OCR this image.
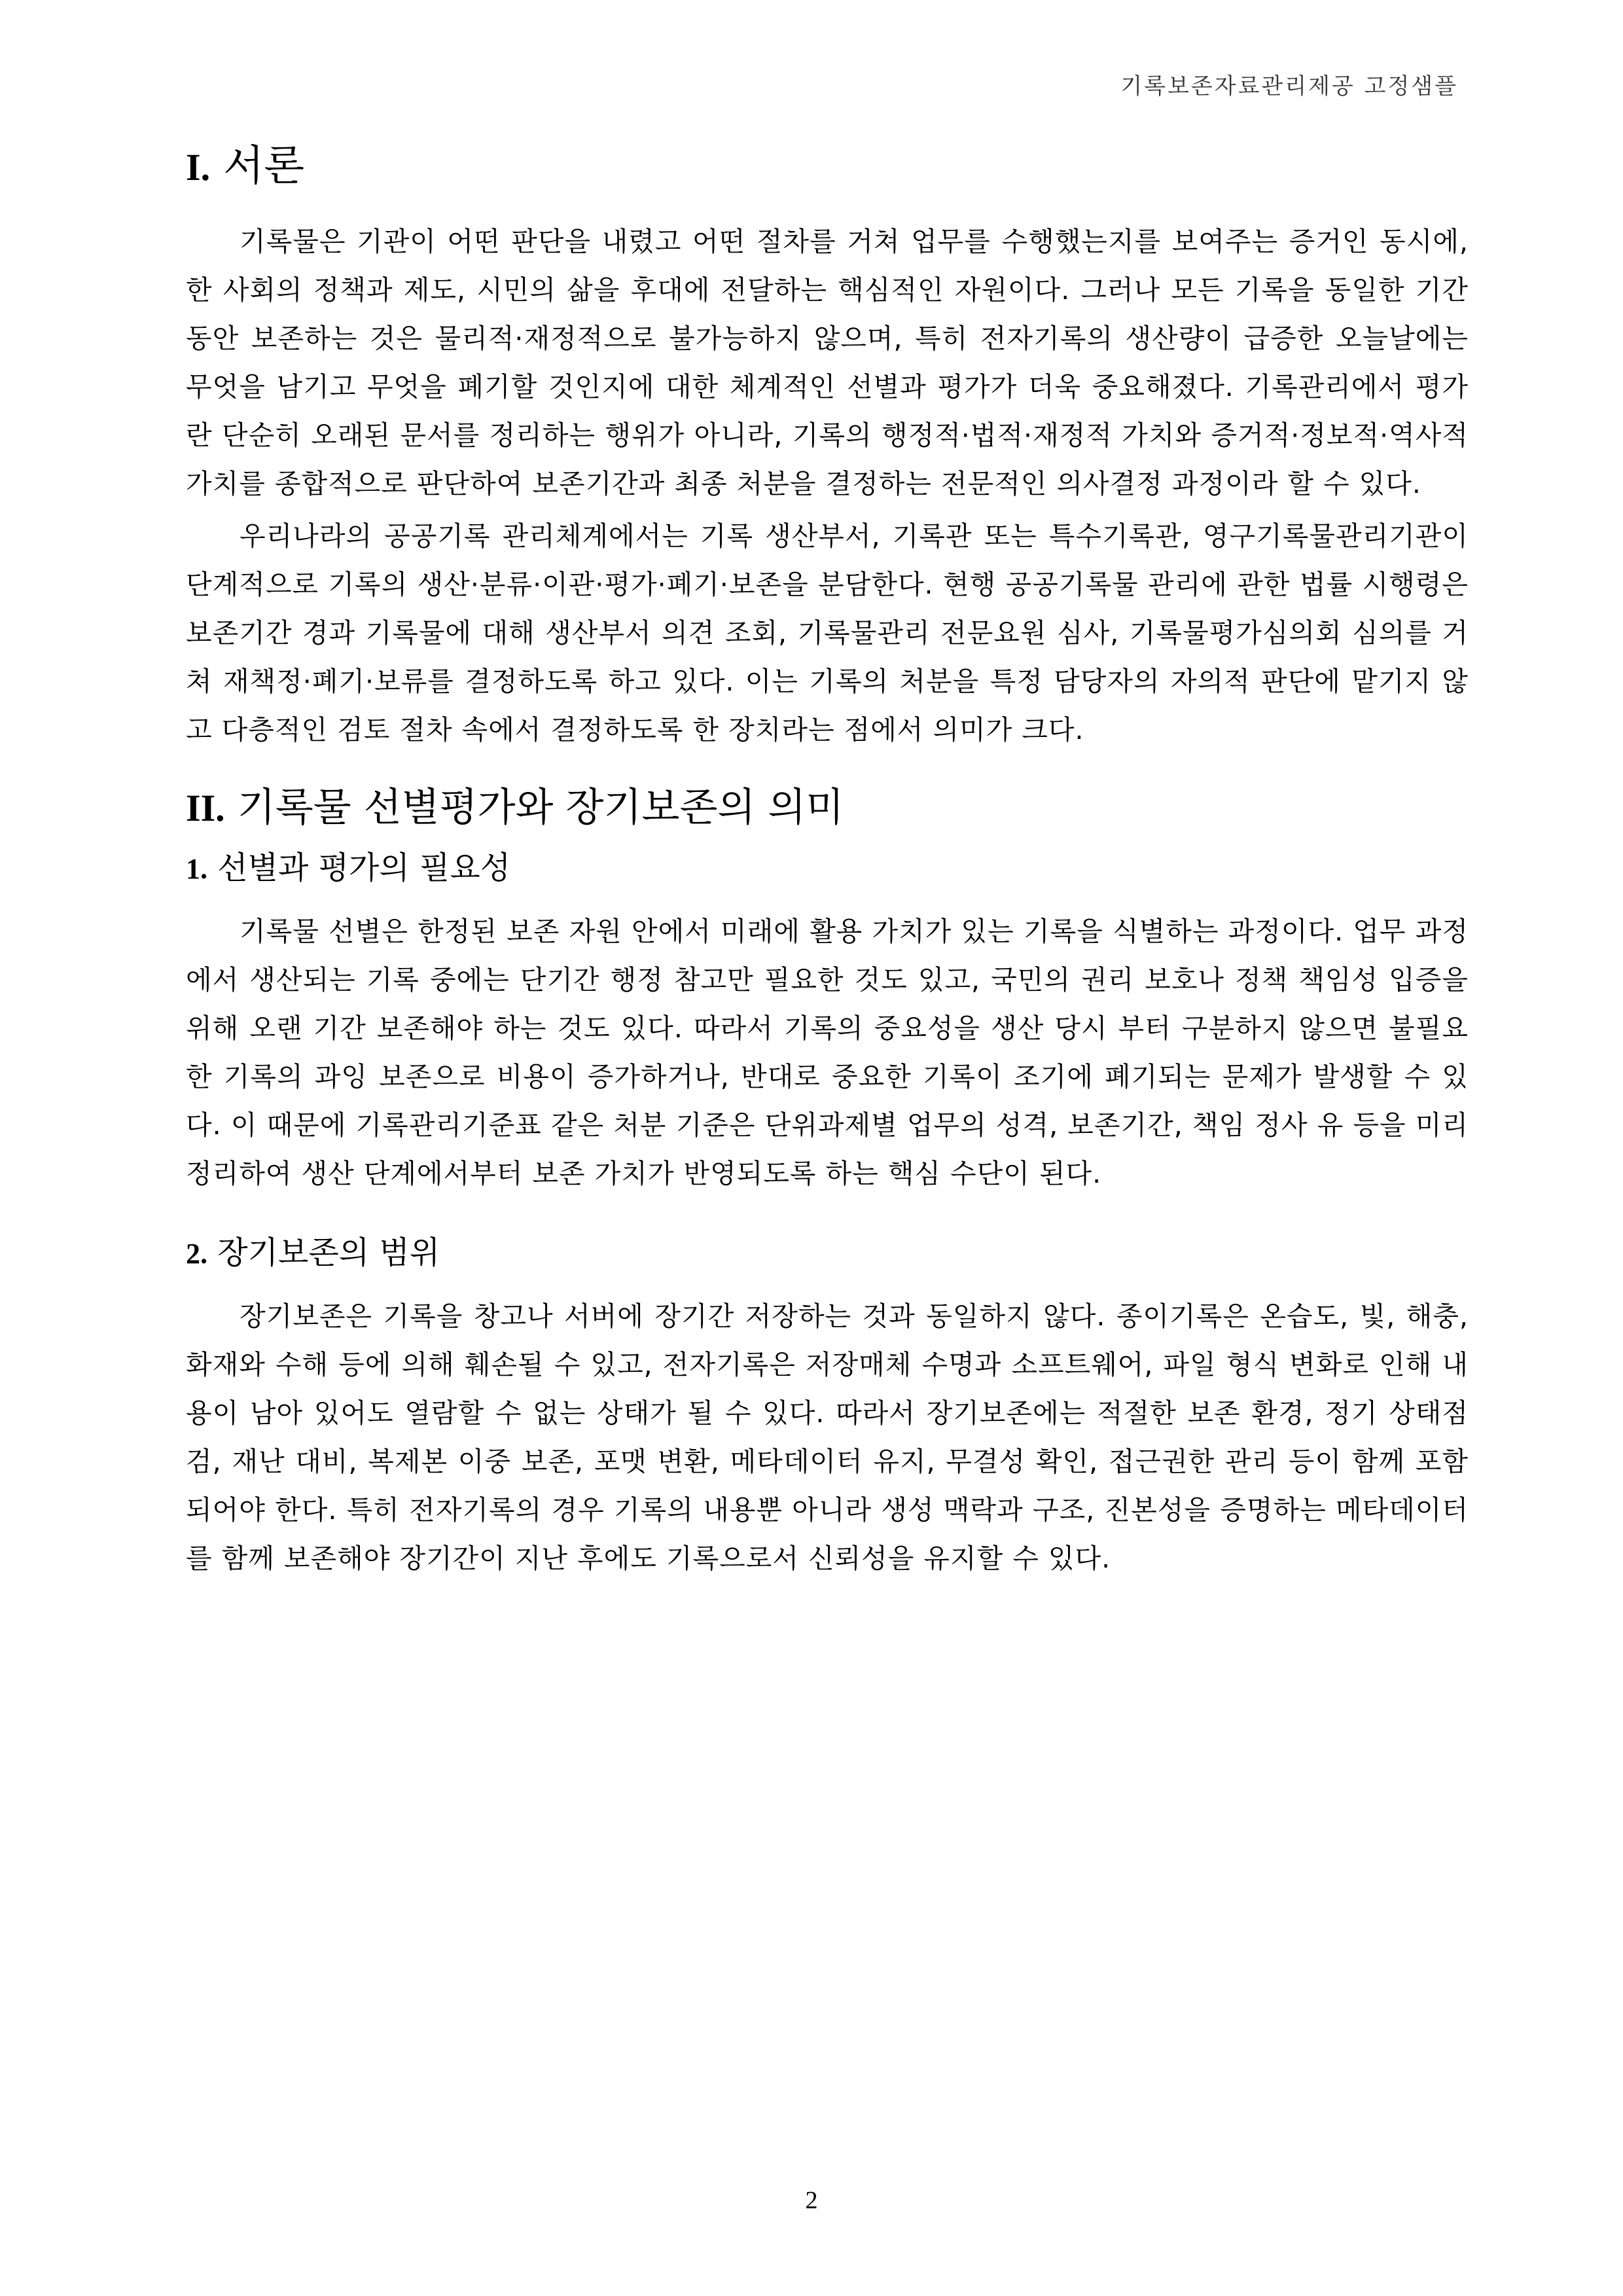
기록보존자료관리제공 고정샘플
I. 서론

기록물은 기관이 어떤 판단을 내렸고 어떤 절차를 거쳐 업무를 수행했는지를 보여주는 증거인 동시에, 한 사회의 정책과 제도, 시민의 삶을 후대에 전달하는 핵심적인 자원이다. 그러나 모든 기록을 동일한 기간 동안 보존하는 것은 물리적·재정적으로 불가능하지 않으며, 특히 전자기록의 생산량이 급증한 오늘날에는 무엇을 남기고 무엇을 폐기할 것인지에 대한 체계적인 선별과 평가가 더욱 중요해졌다. 기록관리에서 평가란 단순히 오래된 문서를 정리하는 행위가 아니라, 기록의 행정적·법적·재정적 가치와 증거적·정보적·역사적 가치를 종합적으로 판단하여 보존기간과 최종 처분을 결정하는 전문적인 의사결정 과정이라 할 수 있다.

우리나라의 공공기록 관리체계에서는 기록 생산부서, 기록관 또는 특수기록관, 영구기록물관리기관이 단계적으로 기록의 생산·분류·이관·평가·폐기·보존을 분담한다. 현행 공공기록물 관리에 관한 법률 시행령은 보존기간 경과 기록물에 대해 생산부서 의견 조회, 기록물관리 전문요원 심사, 기록물평가심의회 심의를 거쳐 재책정·폐기·보류를 결정하도록 하고 있다. 이는 기록의 처분을 특정 담당자의 자의적 판단에 맡기지 않고 다층적인 검토 절차 속에서 결정하도록 한 장치라는 점에서 의미가 크다.

II. 기록물 선별평가와 장기보존의 의미
1. 선별과 평가의 필요성

기록물 선별은 한정된 보존 자원 안에서 미래에 활용 가치가 있는 기록을 식별하는 과정이다. 업무 과정에서 생산되는 기록 중에는 단기간 행정 참고만 필요한 것도 있고, 국민의 권리 보호나 정책 책임성 입증을 위해 오랜 기간 보존해야 하는 것도 있다. 따라서 기록의 중요성을 생산 당시 부터 구분하지 않으면 불필요한 기록의 과잉 보존으로 비용이 증가하거나, 반대로 중요한 기록이 조기에 폐기되는 문제가 발생할 수 있다. 이 때문에 기록관리기준표 같은 처분 기준은 단위과제별 업무의 성격, 보존기간, 책임 정사 유 등을 미리 정리하여 생산 단계에서부터 보존 가치가 반영되도록 하는 핵심 수단이 된다.

2. 장기보존의 범위

장기보존은 기록을 창고나 서버에 장기간 저장하는 것과 동일하지 않다. 종이기록은 온습도, 빛, 해충, 화재와 수해 등에 의해 훼손될 수 있고, 전자기록은 저장매체 수명과 소프트웨어, 파일 형식 변화로 인해 내용이 남아 있어도 열람할 수 없는 상태가 될 수 있다. 따라서 장기보존에는 적절한 보존 환경, 정기 상태점검, 재난 대비, 복제본 이중 보존, 포맷 변환, 메타데이터 유지, 무결성 확인, 접근권한 관리 등이 함께 포함되어야 한다. 특히 전자기록의 경우 기록의 내용뿐 아니라 생성 맥락과 구조, 진본성을 증명하는 메타데이터를 함께 보존해야 장기간이 지난 후에도 기록으로서 신뢰성을 유지할 수 있다.

2
